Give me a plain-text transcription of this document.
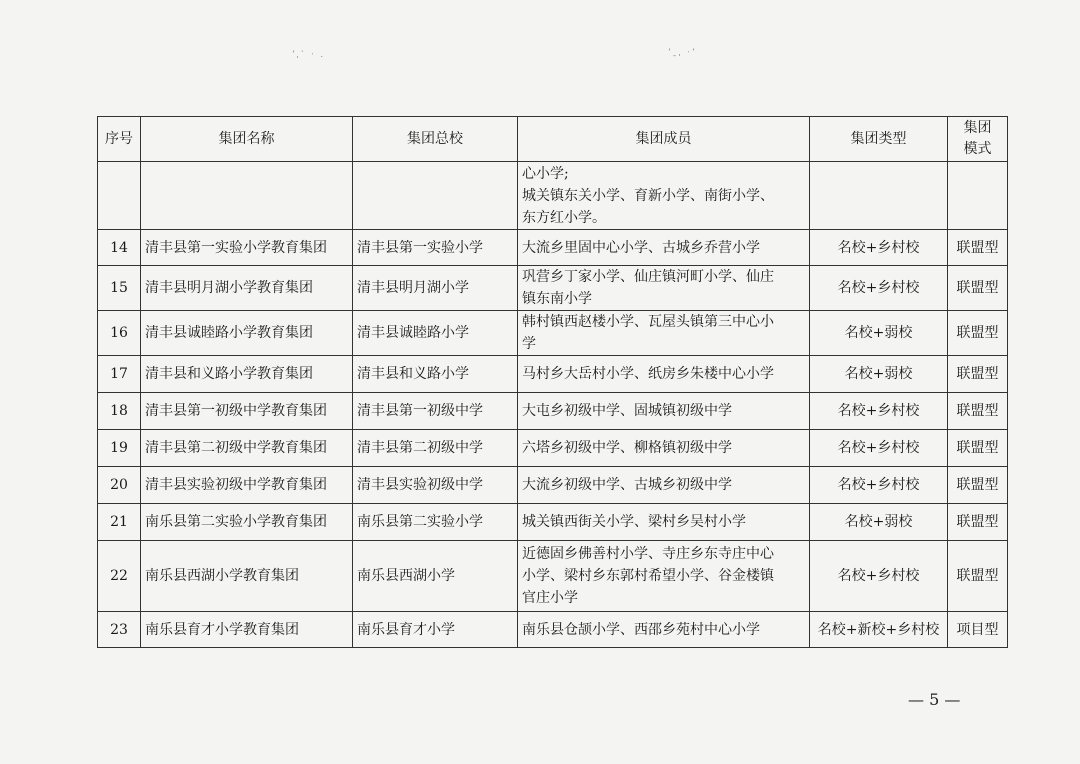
ʼˌˋ ˑ .	ʼˍˌ ˑʼ
序号	集团名称	集团总校	集团成员	集团类型	集团
模式
			心小学;
城关镇东关小学、育新小学、南街小学、
东方红小学。		
14	清丰县第一实验小学教育集团	清丰县第一实验小学	大流乡里固中心小学、古城乡乔营小学	名校+乡村校	联盟型
15	清丰县明月湖小学教育集团	清丰县明月湖小学	巩营乡丁家小学、仙庄镇河町小学、仙庄
镇东南小学	名校+乡村校	联盟型
16	清丰县诚睦路小学教育集团	清丰县诚睦路小学	韩村镇西赵楼小学、瓦屋头镇第三中心小
学	名校+弱校	联盟型
17	清丰县和义路小学教育集团	清丰县和义路小学	马村乡大岳村小学、纸房乡朱楼中心小学	名校+弱校	联盟型
18	清丰县第一初级中学教育集团	清丰县第一初级中学	大屯乡初级中学、固城镇初级中学	名校+乡村校	联盟型
19	清丰县第二初级中学教育集团	清丰县第二初级中学	六塔乡初级中学、柳格镇初级中学	名校+乡村校	联盟型
20	清丰县实验初级中学教育集团	清丰县实验初级中学	大流乡初级中学、古城乡初级中学	名校+乡村校	联盟型
21	南乐县第二实验小学教育集团	南乐县第二实验小学	城关镇西街关小学、梁村乡吴村小学	名校+弱校	联盟型
22	南乐县西湖小学教育集团	南乐县西湖小学	近德固乡佛善村小学、寺庄乡东寺庄中心
小学、梁村乡东郭村希望小学、谷金楼镇
官庄小学	名校+乡村校	联盟型
23	南乐县育才小学教育集团	南乐县育才小学	南乐县仓颉小学、西邵乡苑村中心小学	名校+新校+乡村校	项目型
— 5 —
